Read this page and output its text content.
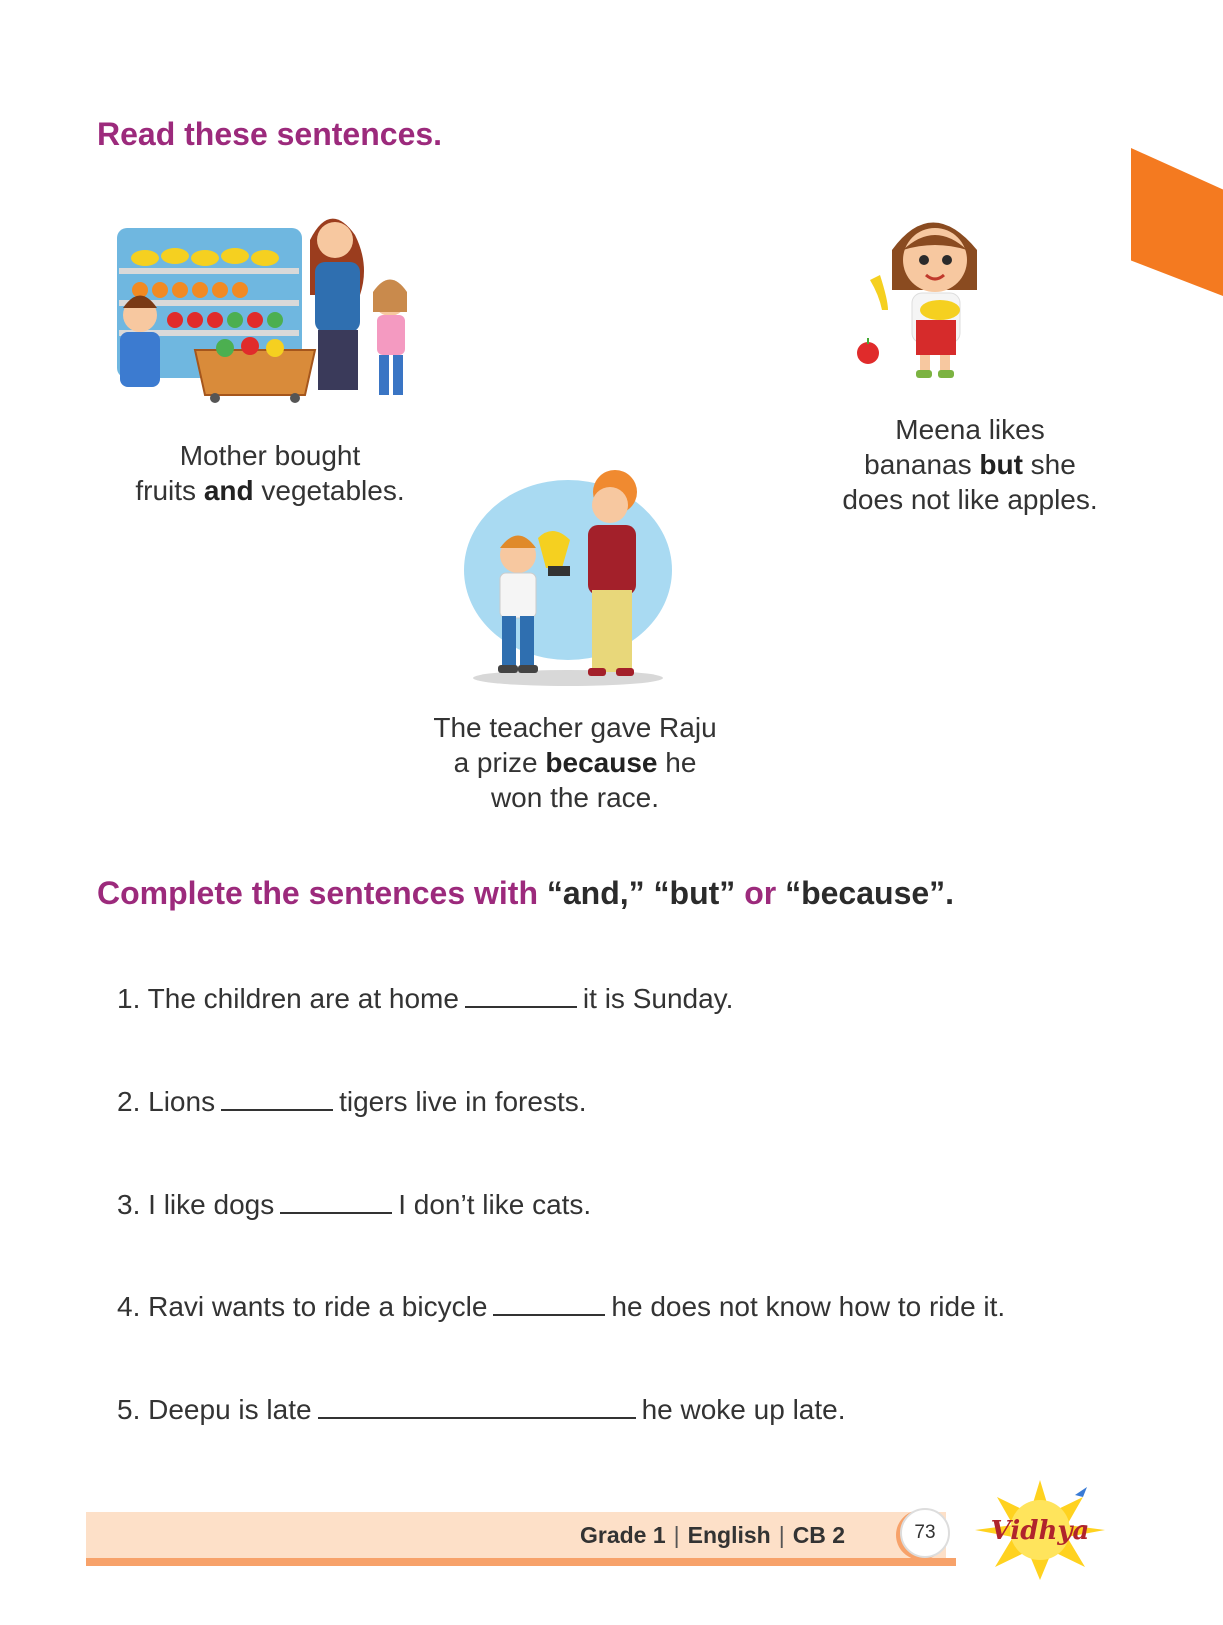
Read these sentences.

Mother bought
fruits and vegetables.

Meena likes
bananas but she
does not like apples.

The teacher gave Raju
a prize because he
won the race.

Complete the sentences with “and,” “but” or “because”.
1. The children are at home	it is Sunday.
2. Lions	tigers live in forests.
3. I like dogs	I don’t like cats.
4. Ravi wants to ride a bicycle	he does not know how to ride it.
5. Deepu is late	he woke up late.
Grade 1 | English | CB 2	73	Vidhya
